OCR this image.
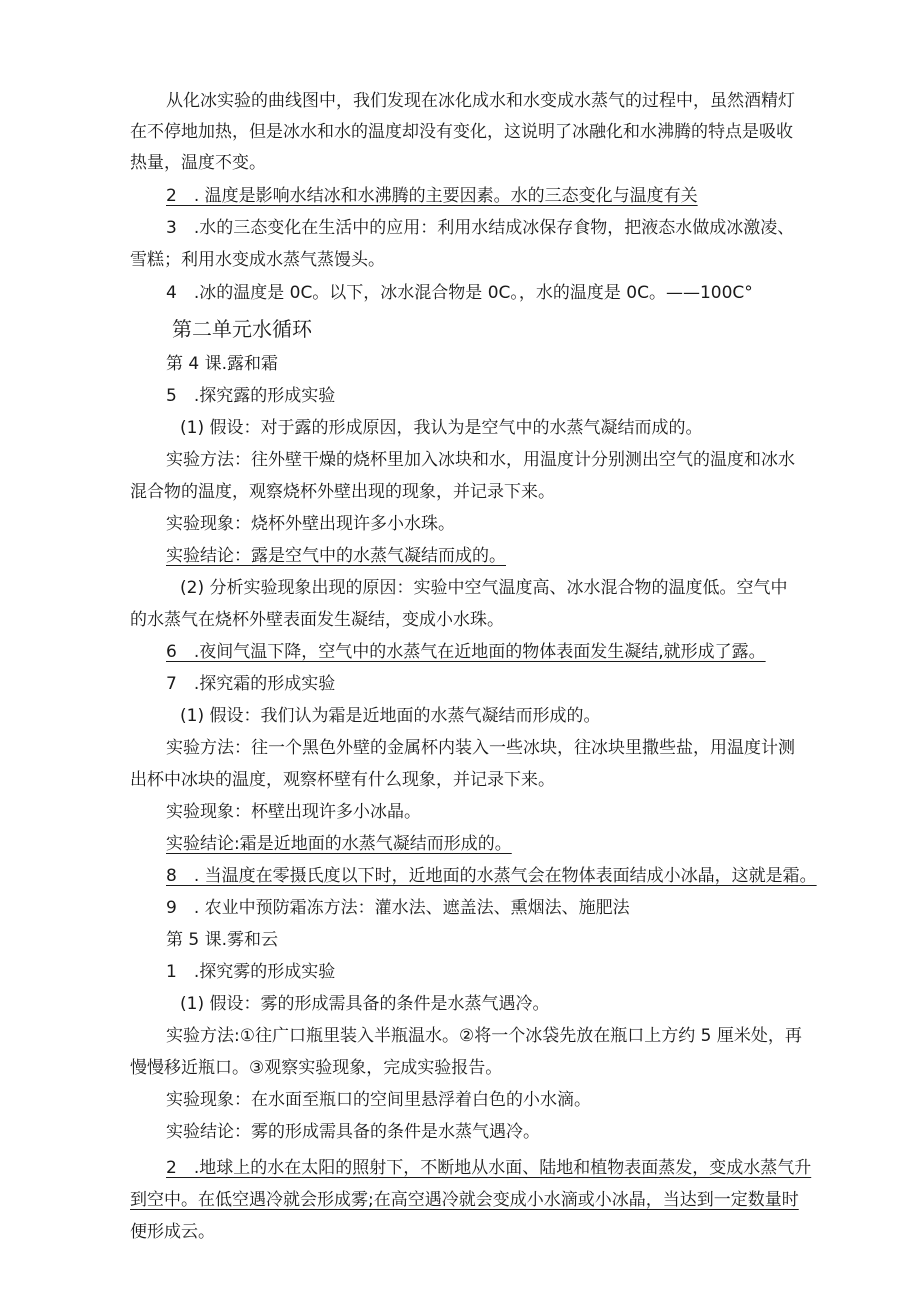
从化冰实验的曲线图中，我们发现在冰化成水和水变成水蒸气的过程中，虽然酒精灯
在不停地加热，但是冰水和水的温度却没有变化，这说明了冰融化和水沸腾的特点是吸收
热量，温度不变。
2　. 温度是影响水结冰和水沸腾的主要因素。水的三态变化与温度有关
3　.水的三态变化在生活中的应用：利用水结成冰保存食物，把液态水做成冰激凌、
雪糕；利用水变成水蒸气蒸馒头。
4　.冰的温度是 0C。以下，冰水混合物是 0C。，水的温度是 0C。——100C°
第二单元水循环
第 4 课.露和霜
5　.探究露的形成实验
(1) 假设：对于露的形成原因，我认为是空气中的水蒸气凝结而成的。
实验方法：往外壁干燥的烧杯里加入冰块和水，用温度计分别测出空气的温度和冰水
混合物的温度，观察烧杯外壁出现的现象，并记录下来。
实验现象：烧杯外壁出现许多小水珠。
实验结论：露是空气中的水蒸气凝结而成的。
(2) 分析实验现象出现的原因：实验中空气温度高、冰水混合物的温度低。空气中
的水蒸气在烧杯外壁表面发生凝结，变成小水珠。
6　.夜间气温下降，空气中的水蒸气在近地面的物体表面发生凝结,就形成了露。
7　.探究霜的形成实验
(1) 假设：我们认为霜是近地面的水蒸气凝结而形成的。
实验方法：往一个黑色外壁的金属杯内装入一些冰块，往冰块里撒些盐，用温度计测
出杯中冰块的温度，观察杯壁有什么现象，并记录下来。
实验现象：杯壁出现许多小冰晶。
实验结论:霜是近地面的水蒸气凝结而形成的。
8　. 当温度在零摄氏度以下时，近地面的水蒸气会在物体表面结成小冰晶，这就是霜。
9　. 农业中预防霜冻方法：灌水法、遮盖法、熏烟法、施肥法
第 5 课.雾和云
1　.探究雾的形成实验
(1) 假设：雾的形成需具备的条件是水蒸气遇冷。
实验方法:①往广口瓶里装入半瓶温水。②将一个冰袋先放在瓶口上方约 5 厘米处，再
慢慢移近瓶口。③观察实验现象，完成实验报告。
实验现象：在水面至瓶口的空间里悬浮着白色的小水滴。
实验结论：雾的形成需具备的条件是水蒸气遇冷。
2　.地球上的水在太阳的照射下，不断地从水面、陆地和植物表面蒸发，变成水蒸气升
到空中。在低空遇冷就会形成雾;在高空遇冷就会变成小水滴或小冰晶，当达到一定数量时
便形成云。
